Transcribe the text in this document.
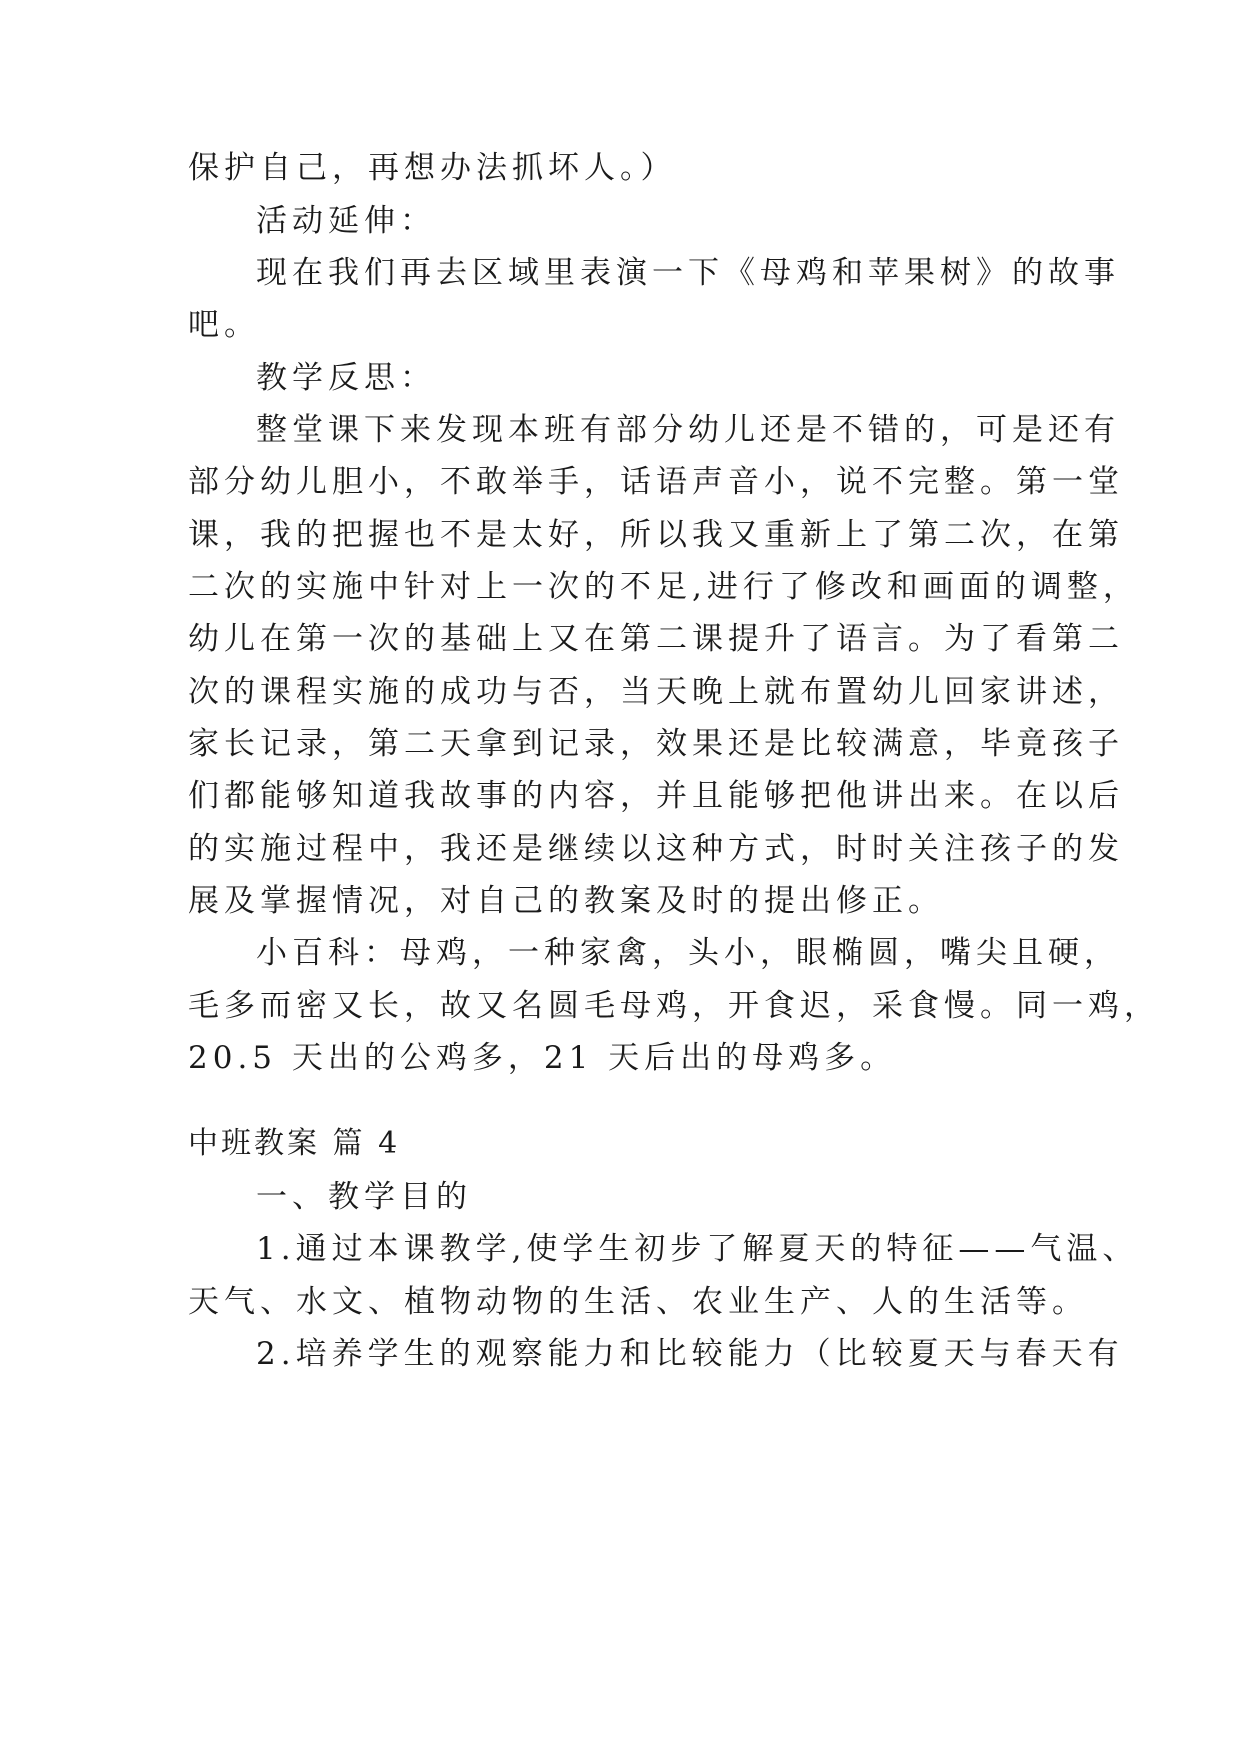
保护自己，再想办法抓坏人。）
活动延伸：
现在我们再去区域里表演一下《母鸡和苹果树》的故事
吧。
教学反思：
整堂课下来发现本班有部分幼儿还是不错的，可是还有
部分幼儿胆小，不敢举手，话语声音小，说不完整。第一堂
课，我的把握也不是太好，所以我又重新上了第二次，在第
二次的实施中针对上一次的不足,进行了修改和画面的调整，
幼儿在第一次的基础上又在第二课提升了语言。为了看第二
次的课程实施的成功与否，当天晚上就布置幼儿回家讲述，
家长记录，第二天拿到记录，效果还是比较满意，毕竟孩子
们都能够知道我故事的内容，并且能够把他讲出来。在以后
的实施过程中，我还是继续以这种方式，时时关注孩子的发
展及掌握情况，对自己的教案及时的提出修正。
小百科：母鸡，一种家禽，头小，眼椭圆，嘴尖且硬，
毛多而密又长，故又名圆毛母鸡，开食迟，采食慢。同一鸡，
20.5 天出的公鸡多，21 天后出的母鸡多。
中班教案 篇 4
一、教学目的
1.通过本课教学,使学生初步了解夏天的特征——气温、
天气、水文、植物动物的生活、农业生产、人的生活等。
2.培养学生的观察能力和比较能力（比较夏天与春天有
